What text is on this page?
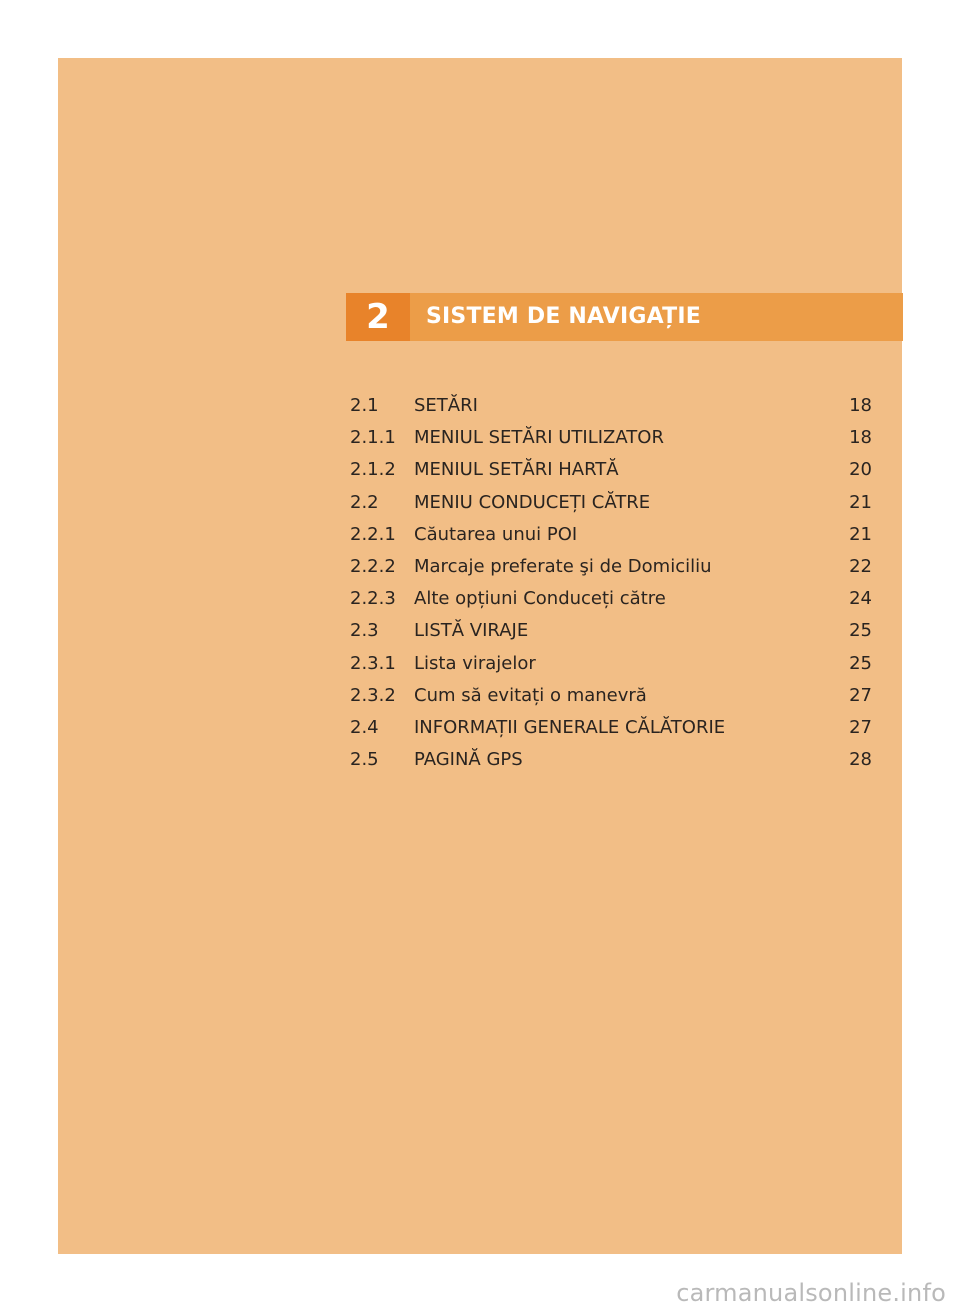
2	SISTEM DE NAVIGAȚIE
2.1 SETĂRI	18
2.1.1 MENIUL SETĂRI UTILIZATOR	18
2.1.2 MENIUL SETĂRI HARTĂ	20
2.2 MENIU CONDUCEȚI CĂTRE	21
2.2.1 Căutarea unui POI	21
2.2.2 Marcaje preferate şi de Domiciliu	22
2.2.3 Alte opțiuni Conduceți către	24
2.3 LISTĂ VIRAJE	25
2.3.1 Lista virajelor	25
2.3.2 Cum să evitați o manevră	27
2.4 INFORMAȚII GENERALE CĂLĂTORIE	27
2.5 PAGINĂ GPS	28
carmanualsonline.info
